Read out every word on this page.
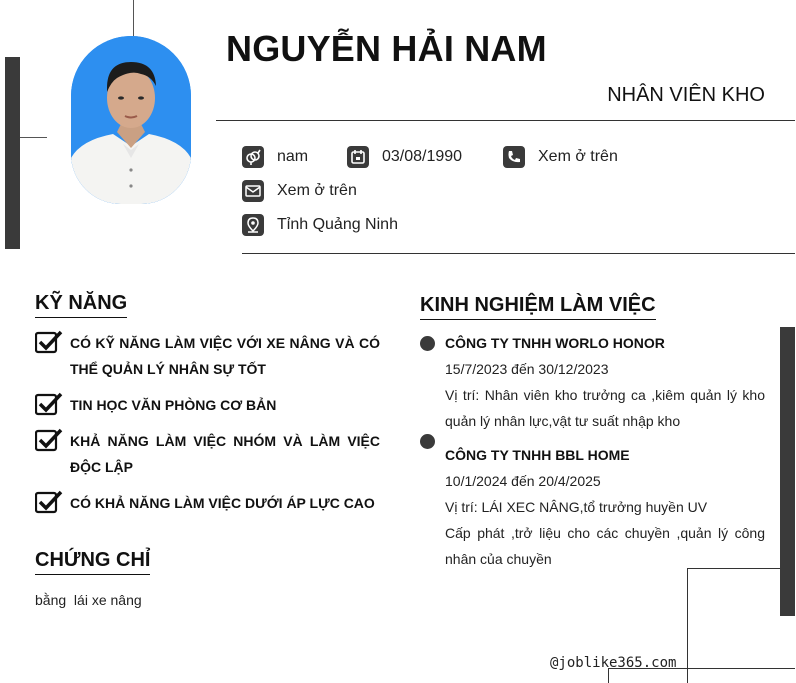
NGUYỄN HẢI NAM
NHÂN VIÊN KHO
nam	03/08/1990	Xem ở trên
Xem ở trên
Tỉnh Quảng Ninh
KỸ NĂNG
CÓ KỸ NĂNG LÀM VIỆC VỚI XE NÂNG VÀ CÓ THỂ QUẢN LÝ NHÂN SỰ TỐT
TIN HỌC VĂN PHÒNG CƠ BẢN
KHẢ NĂNG LÀM VIỆC NHÓM VÀ LÀM VIỆC ĐỘC LẬP
CÓ KHẢ NĂNG LÀM VIỆC DƯỚI ÁP LỰC CAO
CHỨNG CHỈ
bằng  lái xe nâng
KINH NGHIỆM LÀM VIỆC
CÔNG TY TNHH WORLO HONOR
15/7/2023 đến 30/12/2023
Vị trí: Nhân viên kho trưởng ca ,kiêm quản lý kho quản lý nhân lực,vật tư suất nhập kho
CÔNG TY TNHH BBL HOME
10/1/2024 đến 20/4/2025
Vị trí: LÁI XEC NÂNG,tổ trưởng huyền UV
Cấp phát ,trở liệu cho các chuyền ,quản lý công nhân của chuyền
@joblike365.com
